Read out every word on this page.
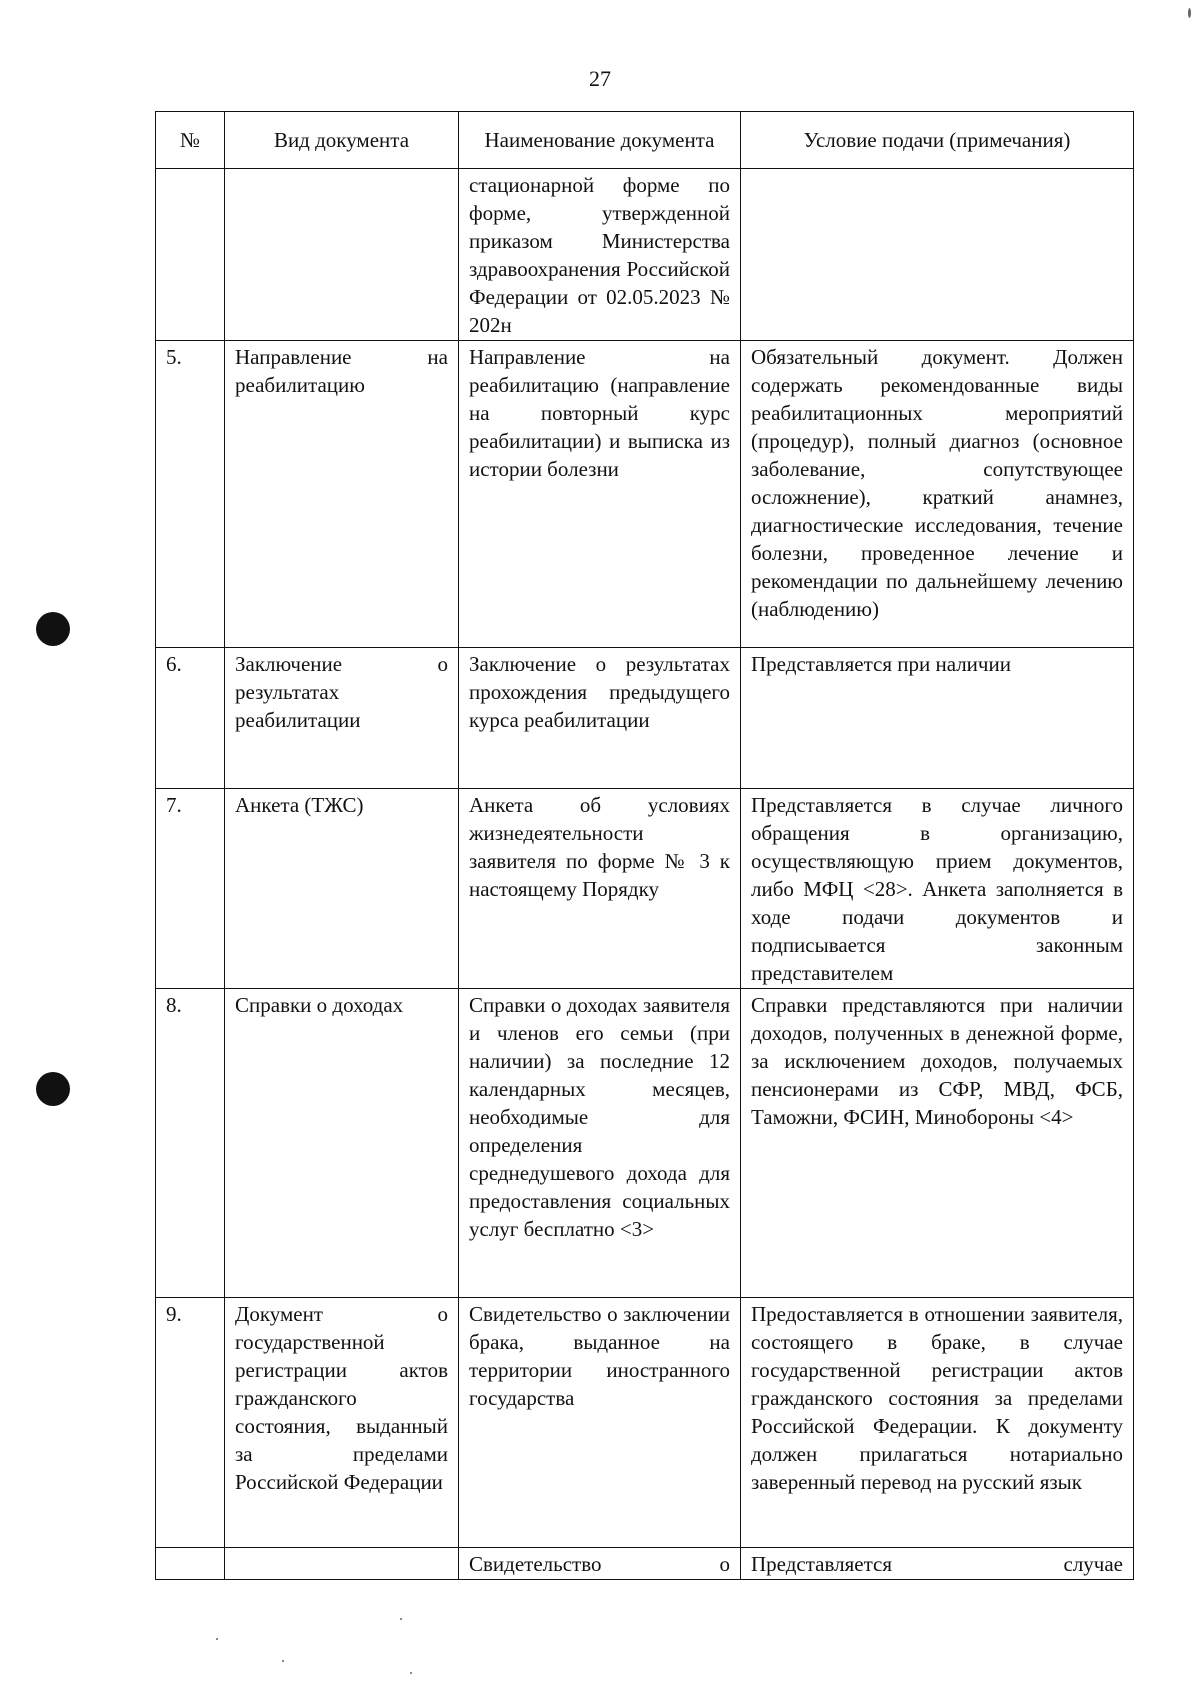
27
№	Вид документа	Наименование документа	Условие подачи (примечания)
		стационарной форме по форме, утвержденной приказом Министерства здравоохранения Российской Федерации от 02.05.2023 № 202н	
5.	Направление на реабилитацию	Направление на реабилитацию (направление на повторный курс реабилитации) и выписка из истории болезни	Обязательный документ. Должен содержать рекомендованные виды реабилитационных мероприятий (процедур), полный диагноз (основное заболевание, сопутствующее осложнение), краткий анамнез, диагностические исследования, течение болезни, проведенное лечение и рекомендации по дальнейшему лечению (наблюдению)
6.	Заключение о результатах реабилитации	Заключение о результатах прохождения предыдущего курса реабилитации	Представляется при наличии
7.	Анкета (ТЖС)	Анкета об условиях жизнедеятельности заявителя по форме № 3 к настоящему Порядку	Представляется в случае личного обращения в организацию, осуществляющую прием документов, либо МФЦ <28>. Анкета заполняется в ходе подачи документов и подписывается законным представителем
8.	Справки о доходах	Справки о доходах заявителя и членов его семьи (при наличии) за последние 12 календарных месяцев, необходимые для определения среднедушевого дохода для предоставления социальных услуг бесплатно <3>	Справки представляются при наличии доходов, полученных в денежной форме, за исключением доходов, получаемых пенсионерами из СФР, МВД, ФСБ, Таможни, ФСИН, Минобороны <4>
9.	Документ о государственной регистрации актов гражданского состояния, выданный за пределами Российской Федерации	Свидетельство о заключении брака, выданное на территории иностранного государства	Предоставляется в отношении заявителя, состоящего в браке, в случае государственной регистрации актов гражданского состояния за пределами Российской Федерации. К документу должен прилагаться нотариально заверенный перевод на русский язык
		Свидетельство о	Представляется случае
